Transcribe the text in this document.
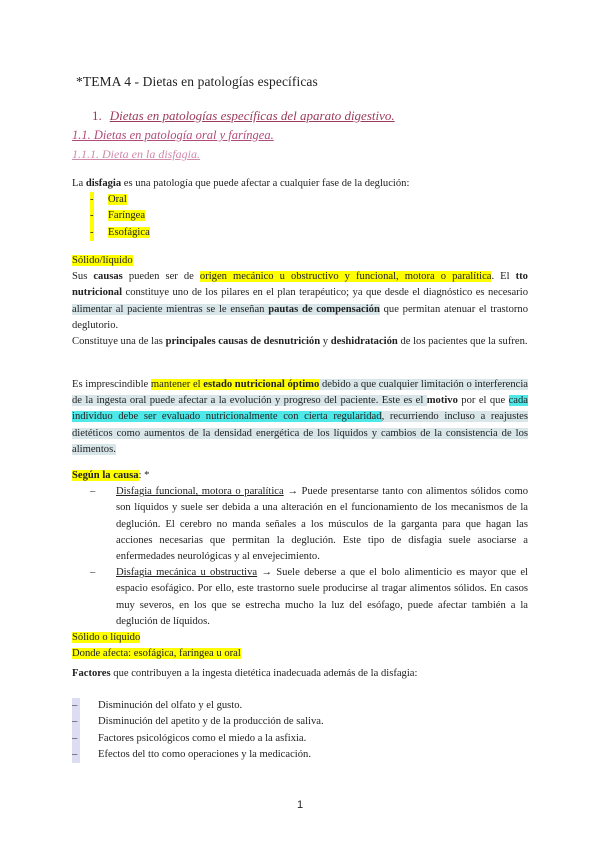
*TEMA 4 - Dietas en patologías específicas
1. Dietas en patologías específicas del aparato digestivo.
1.1. Dietas en patología oral y faríngea.
1.1.1. Dieta en la disfagia.
La disfagia es una patología que puede afectar a cualquier fase de la deglución:
- Oral
- Faríngea
- Esofágica
Sólido/líquido
Sus causas pueden ser de origen mecánico u obstructivo y funcional, motora o paralítica. El tto nutricional constituye uno de los pilares en el plan terapéutico; ya que desde el diagnóstico es necesario alimentar al paciente mientras se le enseñan pautas de compensación que permitan atenuar el trastorno deglutorio.
Constituye una de las principales causas de desnutrición y deshidratación de los pacientes que la sufren.
Es imprescindible mantener el estado nutricional óptimo debido a que cualquier limitación o interferencia de la ingesta oral puede afectar a la evolución y progreso del paciente. Este es el motivo por el que cada individuo debe ser evaluado nutricionalmente con cierta regularidad, recurriendo incluso a reajustes dietéticos como aumentos de la densidad energética de los líquidos y cambios de la consistencia de los alimentos.
Según la causa: *
– Disfagia funcional, motora o paralítica → Puede presentarse tanto con alimentos sólidos como son líquidos y suele ser debida a una alteración en el funcionamiento de los mecanismos de la deglución. El cerebro no manda señales a los músculos de la garganta para que hagan las acciones necesarias que permitan la deglución. Este tipo de disfagia suele asociarse a enfermedades neurológicas y al envejecimiento.
– Disfagia mecánica u obstructiva → Suele deberse a que el bolo alimenticio es mayor que el espacio esofágico. Por ello, este trastorno suele producirse al tragar alimentos sólidos. En casos muy severos, en los que se estrecha mucho la luz del esófago, puede afectar también a la deglución de líquidos.
Sólido o líquido
Donde afecta: esofágica, faríngea u oral
Factores que contribuyen a la ingesta dietética inadecuada además de la disfagia:
– Disminución del olfato y el gusto.
– Disminución del apetito y de la producción de saliva.
– Factores psicológicos como el miedo a la asfixia.
– Efectos del tto como operaciones y la medicación.
1
